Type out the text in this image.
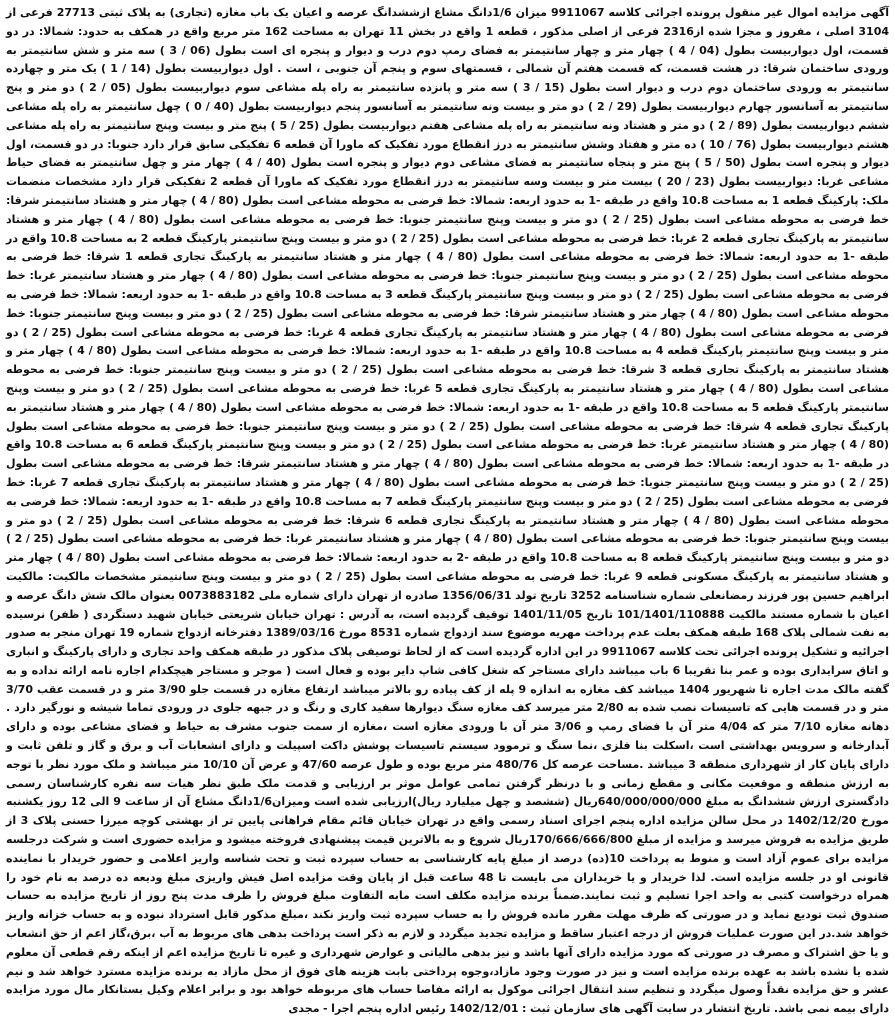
آگهی مزایده اموال غیر منقول پرونده اجرائی کلاسه 9911067 میزان 1/6دانگ مشاع ازششدانگ عرصه و اعیان یک باب مغازه (تجاری) به پلاک ثبتی 27713 فرعی از 3104 اصلی ، مفروز و مجزا شده از2316 فرعی از اصلی مذکور ، قطعه 1 واقع در بخش 11 تهران به مساحت 162 متر مربع واقع در همکف به حدود: شمالا: در دو قسمت، اول دیواربیست بطول (04 / 4 ) چهار متر و چهار سانتیمتر به فضای رمپ دوم درب و دیوار و پنجره ای است بطول (06 / 3 ) سه متر و شش سانتیمتر به ورودی ساختمان شرقا: در هشت قسمت، که قسمت هفتم آن شمالی ، قسمتهای سوم و پنجم آن جنوبی ، است . اول دیواربیست بطول (14 / 1 ) یک متر و چهارده سانتیمتر به ورودی ساختمان دوم درب و دیوار است بطول (15 / 3 ) سه متر و پانزده سانتیمتر به راه پله مشاعی سوم دیواربیست بطول (05 / 2 ) دو متر و پنج سانتیمتر به آسانسور چهارم دیواربیست بطول (29 / 2 ) دو متر و بیست ونه سانتیمتر به آسانسور پنجم دیواربیست بطول (40 / 0 ) چهل سانتیمتر به راه پله مشاعی ششم دیواربیست بطول (89 / 2 ) دو متر و هشتاد ونه سانتیمتر به راه پله مشاعی هفتم دیواربیست بطول (25 / 5 ) پنج متر و بیست وپنج سانتیمتر به راه پله مشاعی هشتم دیواربیست بطول (76 / 10 ) ده متر و هفتاد وشش سانتیمتر به درز انقطاع مورد تفکیک که ماورا آن قطعه 6 تفکیکی سابق قرار دارد جنوبا: در دو قسمت، اول دیوار و پنجره است بطول (50 / 5 ) پنج متر و پنجاه سانتیمتر به فضای مشاعی دوم دیوار و پنجره است بطول (40 / 4 ) چهار متر و چهل سانتیمتر به فضای حیاط مشاعی غربا: دیواربیست بطول (23 / 20 ) بیست متر و بیست وسه سانتیمتر به درز انقطاع مورد تفکیک که ماورا آن قطعه 2 تفکیکی قرار دارد مشخصات منضمات ملک: پارکینگ قطعه 1 به مساحت 10.8 واقع در طبقه -1 به حدود اربعه: شمالا: خط فرضی به محوطه مشاعی است بطول (80 / 4 ) چهار متر و هشتاد سانتیمتر شرقا: خط فرضی به محوطه مشاعی است بطول (25 / 2 ) دو متر و بیست وپنج سانتیمتر جنوبا: خط فرضی به محوطه مشاعی است بطول (80 / 4 ) چهار متر و هشتاد سانتیمتر به پارکینگ تجاری قطعه 2 غربا: خط فرضی به محوطه مشاعی است بطول (25 / 2 ) دو متر و بیست وپنج سانتیمتر پارکینگ قطعه 2 به مساحت 10.8 واقع در طبقه -1 به حدود اربعه: شمالا: خط فرضی به محوطه مشاعی است بطول (80 / 4 ) چهار متر و هشتاد سانتیمتر به پارکینگ تجاری قطعه 1 شرقا: خط فرضی به محوطه مشاعی است بطول (25 / 2 ) دو متر و بیست وپنج سانتیمتر جنوبا: خط فرضی به محوطه مشاعی است بطول (80 / 4 ) چهار متر و هشتاد سانتیمتر غربا: خط فرضی به محوطه مشاعی است بطول (25 / 2 ) دو متر و بیست وپنج سانتیمتر پارکینگ قطعه 3 به مساحت 10.8 واقع در طبقه -1 به حدود اربعه: شمالا: خط فرضی به محوطه مشاعی است بطول (80 / 4 ) چهار متر و هشتاد سانتیمتر شرقا: خط فرضی به محوطه مشاعی است بطول (25 / 2 ) دو متر و بیست وپنج سانتیمتر جنوبا: خط فرضی به محوطه مشاعی است بطول (80 / 4 ) چهار متر و هشتاد سانتیمتر به پارکینگ تجاری قطعه 4 غربا: خط فرضی به محوطه مشاعی است بطول (25 / 2 ) دو متر و بیست وپنج سانتیمتر پارکینگ قطعه 4 به مساحت 10.8 واقع در طبقه -1 به حدود اربعه: شمالا: خط فرضی به محوطه مشاعی است بطول (80 / 4 ) چهار متر و هشتاد سانتیمتر به پارکینگ تجاری قطعه 3 شرقا: خط فرضی به محوطه مشاعی است بطول (25 / 2 ) دو متر و بیست وپنج سانتیمتر جنوبا: خط فرضی به محوطه مشاعی است بطول (80 / 4 ) چهار متر و هشتاد سانتیمتر به پارکینگ تجاری قطعه 5 غربا: خط فرضی به محوطه مشاعی است بطول (25 / 2 ) دو متر و بیست وپنج سانتیمتر پارکینگ قطعه 5 به مساحت 10.8 واقع در طبقه -1 به حدود اربعه: شمالا: خط فرضی به محوطه مشاعی است بطول (80 / 4 ) چهار متر و هشتاد سانتیمتر به پارکینگ تجاری قطعه 4 شرقا: خط فرضی به محوطه مشاعی است بطول (25 / 2 ) دو متر و بیست وپنج سانتیمتر جنوبا: خط فرضی به محوطه مشاعی است بطول (80 / 4 ) چهار متر و هشتاد سانتیمتر غربا: خط فرضی به محوطه مشاعی است بطول (25 / 2 ) دو متر و بیست وپنج سانتیمتر پارکینگ قطعه 6 به مساحت 10.8 واقع در طبقه -1 به حدود اربعه: شمالا: خط فرضی به محوطه مشاعی است بطول (80 / 4 ) چهار متر و هشتاد سانتیمتر شرقا: خط فرضی به محوطه مشاعی است بطول (25 / 2 ) دو متر و بیست وپنج سانتیمتر جنوبا: خط فرضی به محوطه مشاعی است بطول (80 / 4 ) چهار متر و هشتاد سانتیمتر به پارکینگ تجاری قطعه 7 غربا: خط فرضی به محوطه مشاعی است بطول (25 / 2 ) دو متر و بیست وپنج سانتیمتر پارکینگ قطعه 7 به مساحت 10.8 واقع در طبقه -1 به حدود اربعه: شمالا: خط فرضی به محوطه مشاعی است بطول (80 / 4 ) چهار متر و هشتاد سانتیمتر به پارکینگ تجاری قطعه 6 شرقا: خط فرضی به محوطه مشاعی است بطول (25 / 2 ) دو متر و بیست وپنج سانتیمتر جنوبا: خط فرضی به محوطه مشاعی است بطول (80 / 4 ) چهار متر و هشتاد سانتیمتر غربا: خط فرضی به محوطه مشاعی است بطول (25 / 2 ) دو متر و بیست وپنج سانتیمتر پارکینگ قطعه 8 به مساحت 10.8 واقع در طبقه -2 به حدود اربعه: شمالا: خط فرضی به محوطه مشاعی است بطول (80 / 4 ) چهار متر و هشتاد سانتیمتر به پارکینگ مسکونی قطعه 9 غربا: خط فرضی به محوطه مشاعی است بطول (25 / 2 ) دو متر و بیست وپنج سانتیمتر مشخصات مالکیت: مالکیت ابراهیم حسین پور فرزند رمضانعلی شماره شناسنامه 3252 تاریخ تولد 1356/06/31 صادره از تهران دارای شماره ملی 0073883182 بعنوان مالک شش دانگ عرصه و اعیان با شماره مستند مالکیت 101/1401/110888 تاریخ 1401/11/05 توقیف گردیده است، به آدرس : تهران خیابان شریعتی خیابان شهید دستگردی ( ظفر) نرسیده به نفت شمالی پلاک 168 طبقه همکف بعلت عدم پرداخت مهریه موضوع سند ازدواج شماره 8531 مورخ 1389/03/16 دفترخانه ازدواج شماره 19 تهران منجر به صدور اجرائیه و تشکیل پرونده اجرائی تحت کلاسه 9911067 در این اداره گردیده است که از لحاظ توصیفی پلاک مذکور در طبقه همکف واحد تجاری و دارای پارکینگ و انباری و اتاق سرایداری بوده و عمر بنا تقریبا 6 باب میباشد دارای مستاجر که شغل کافی شاپ دایر بوده و فعال است ( موجر و مستاجر هیچکدام اجاره نامه ارائه نداده و به گفته مالک مدت اجاره تا شهریور 1404 میباشد کف مغازه به اندازه 9 پله از کف پیاده رو بالاتر میباشد ارتفاع مغازه در قسمت جلو 3/90 متر و در قسمت عقب 3/70 متر و در قسمت هایی که تاسیسات نصب شده به 2/80 متر میرسد کف مغازه سنگ دیوارها سفید کاری و رنگ و در جبهه جلوی در ورودی تماما شیشه و نورگیر دارد . دهانه مغازه 7/10 متر که 4/04 متر آن با فضای رمپ و 3/06 متر آن با ورودی مغازه است ،مغازه از سمت جنوب مشرف به حیاط و فضای مشاعی بوده و دارای آبدارخانه و سرویس بهداشتی است ،اسکلت بنا فلزی ،نما سنگ و ترموود سیستم تاسیسات پوشش داکت اسپیلت و دارای انشعابات آب و برق و گاز و تلفن ثابت و دارای پایان کار از شهرداری منطقه 3 میباشد .مساحت عرصه کل 480/76 متر مربع بوده و طول عرصه 47/60 و عرض آن 10/10 متر میباشد و ملک مورد نظر با توجه به ارزش منطقه و موقعیت مکانی و مقطع زمانی و با درنظر گرفتن تمامی عوامل موثر بر ارزیابی و قدمت ملک طبق نظر هیات سه نفره کارشناسان رسمی دادگستری ارزش ششدانگ به مبلغ 640/000/000/000ریال (ششصد و چهل میلیارد ریال)ارزیابی شده است ومیزان1/6دانگ مشاع آن از ساعت 9 الی 12 روز یکشنبه مورخ 1402/12/20 در محل سالن مزایده اداره پنجم اجرای اسناد رسمی واقع در تهران خیابان قائم مقام فراهانی پایین تر از بهشتی کوچه میرزا حسنی پلاک 3 از طریق مزایده به فروش میرسد و مزایده از مبلغ 170/666/666/800ریال شروع و به بالاترین قیمت پیشنهادی فروخته میشود و مزایده حضوری است و شرکت درجلسه مزایده برای عموم آزاد است و منوط به پرداخت 10(ده) درصد از مبلغ پایه کارشناسی به حساب سپرده ثبت و تحت شناسه واریز اعلامی و حضور خریدار با نماینده قانونی او در جلسه مزایده است. لذا خریدار و یا خریداران می بایست تا 48 ساعت قبل از پایان وقت مزایده اصل فیش واریزی مبلغ ودیعه ده درصد به نام خود را همراه درخواست کتبی به واحد اجرا تسلیم و ثبت نمایند.ضمناً برنده مزایده مکلف است مابه التفاوت مبلغ فروش را ظرف مدت پنج روز از تاریخ مزایده به حساب صندوق ثبت تودیع نماید و در صورتی که ظرف مهلت مقرر مانده فروش را به حساب سپرده ثبت واریز نکند ،مبلغ مذکور قابل استرداد نبوده و به حساب خزانه واریز خواهد شد.در این صورت عملیات فروش از درجه اعتبار ساقط و مزایده تجدید میگردد و لازم به ذکر است پرداخت بدهی های مربوط به آب ،برق،گاز اعم از حق انشعاب و یا حق اشتراک و مصرف در صورتی که مورد مزایده دارای آنها باشد و نیز بدهی مالیاتی و عوارض شهرداری و غیره تا تاریخ مزایده اعم از اینکه رقم قطعی آن معلوم شده یا نشده باشد به عهده برنده مزایده است و نیز در صورت وجود مازاد،وجوه پرداختی بابت هزینه های فوق از محل مازاد به برنده مزایده مسترد خواهد شد و نیم عشر و حق مزایده نقداً وصول میگردد و تنظیم سند انتقال اجرائی موکول به ارائه مفاصا حساب های مربوطه خواهد بود و برابر اعلام وکیل بستانکار مال مورد مزایده دارای بیمه نمی باشد. تاریخ انتشار در سایت آگهی های سازمان ثبت : 1402/12/01 رئیس اداره پنجم اجرا - مجدی
